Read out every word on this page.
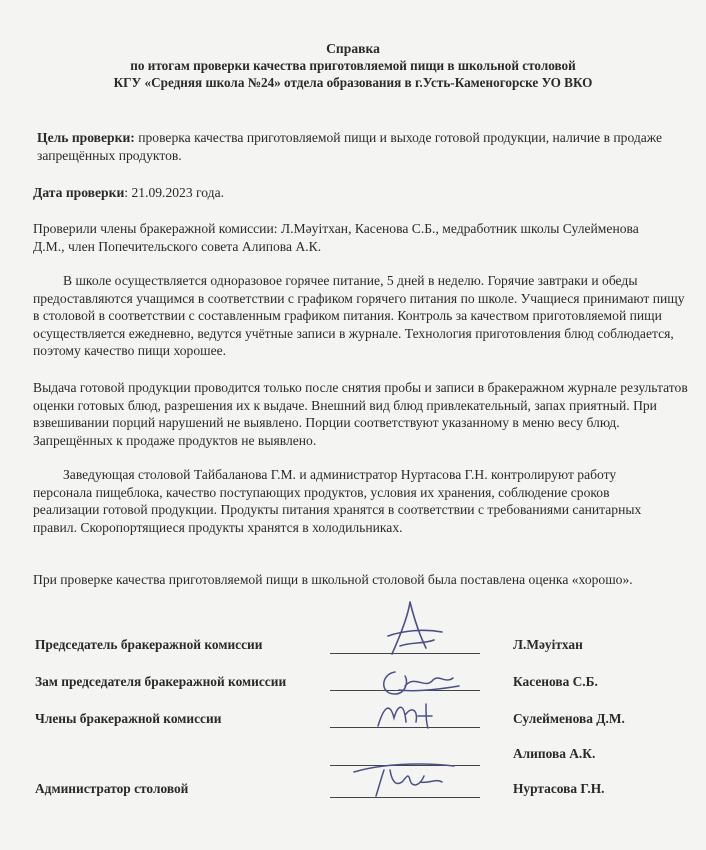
Справка
по итогам проверки качества приготовляемой пищи в школьной столовой
КГУ «Средняя школа №24» отдела образования в г.Усть-Каменогорске УО ВКО

Цель проверки: проверка качества приготовляемой пищи и выходе готовой продукции, наличие в продаже запрещённых продуктов.

Дата проверки: 21.09.2023 года.

Проверили члены бракеражной комиссии: Л.Мәуітхан, Касенова С.Б., медработник школы Сулейменова Д.М., член Попечительского совета Алипова А.К.

В школе осуществляется одноразовое горячее питание, 5 дней в неделю. Горячие завтраки и обеды предоставляются учащимся в соответствии с графиком горячего питания по школе. Учащиеся принимают пищу в столовой в соответствии с составленным графиком питания. Контроль за качеством приготовляемой пищи осуществляется ежедневно, ведутся учётные записи в журнале. Технология приготовления блюд соблюдается, поэтому качество пищи хорошее.

Выдача готовой продукции проводится только после снятия пробы и записи в бракеражном журнале результатов оценки готовых блюд, разрешения их к выдаче. Внешний вид блюд привлекательный, запах приятный. При взвешивании порций нарушений не выявлено. Порции соответствуют указанному в меню весу блюд. Запрещённых к продаже продуктов не выявлено.

Заведующая столовой Тайбаланова Г.М. и администратор Нуртасова Г.Н. контролируют работу персонала пищеблока, качество поступающих продуктов, условия их хранения, соблюдение сроков реализации готовой продукции. Продукты питания хранятся в соответствии с требованиями санитарных правил. Скоропортящиеся продукты хранятся в холодильниках.

При проверке качества приготовляемой пищи в школьной столовой была поставлена оценка «хорошо».

Председатель бракеражной комиссии	Л.Мәуітхан
Зам председателя бракеражной комиссии	Касенова С.Б.
Члены бракеражной комиссии	Сулейменова Д.М.
Алипова А.К.
Администратор столовой	Нуртасова Г.Н.
